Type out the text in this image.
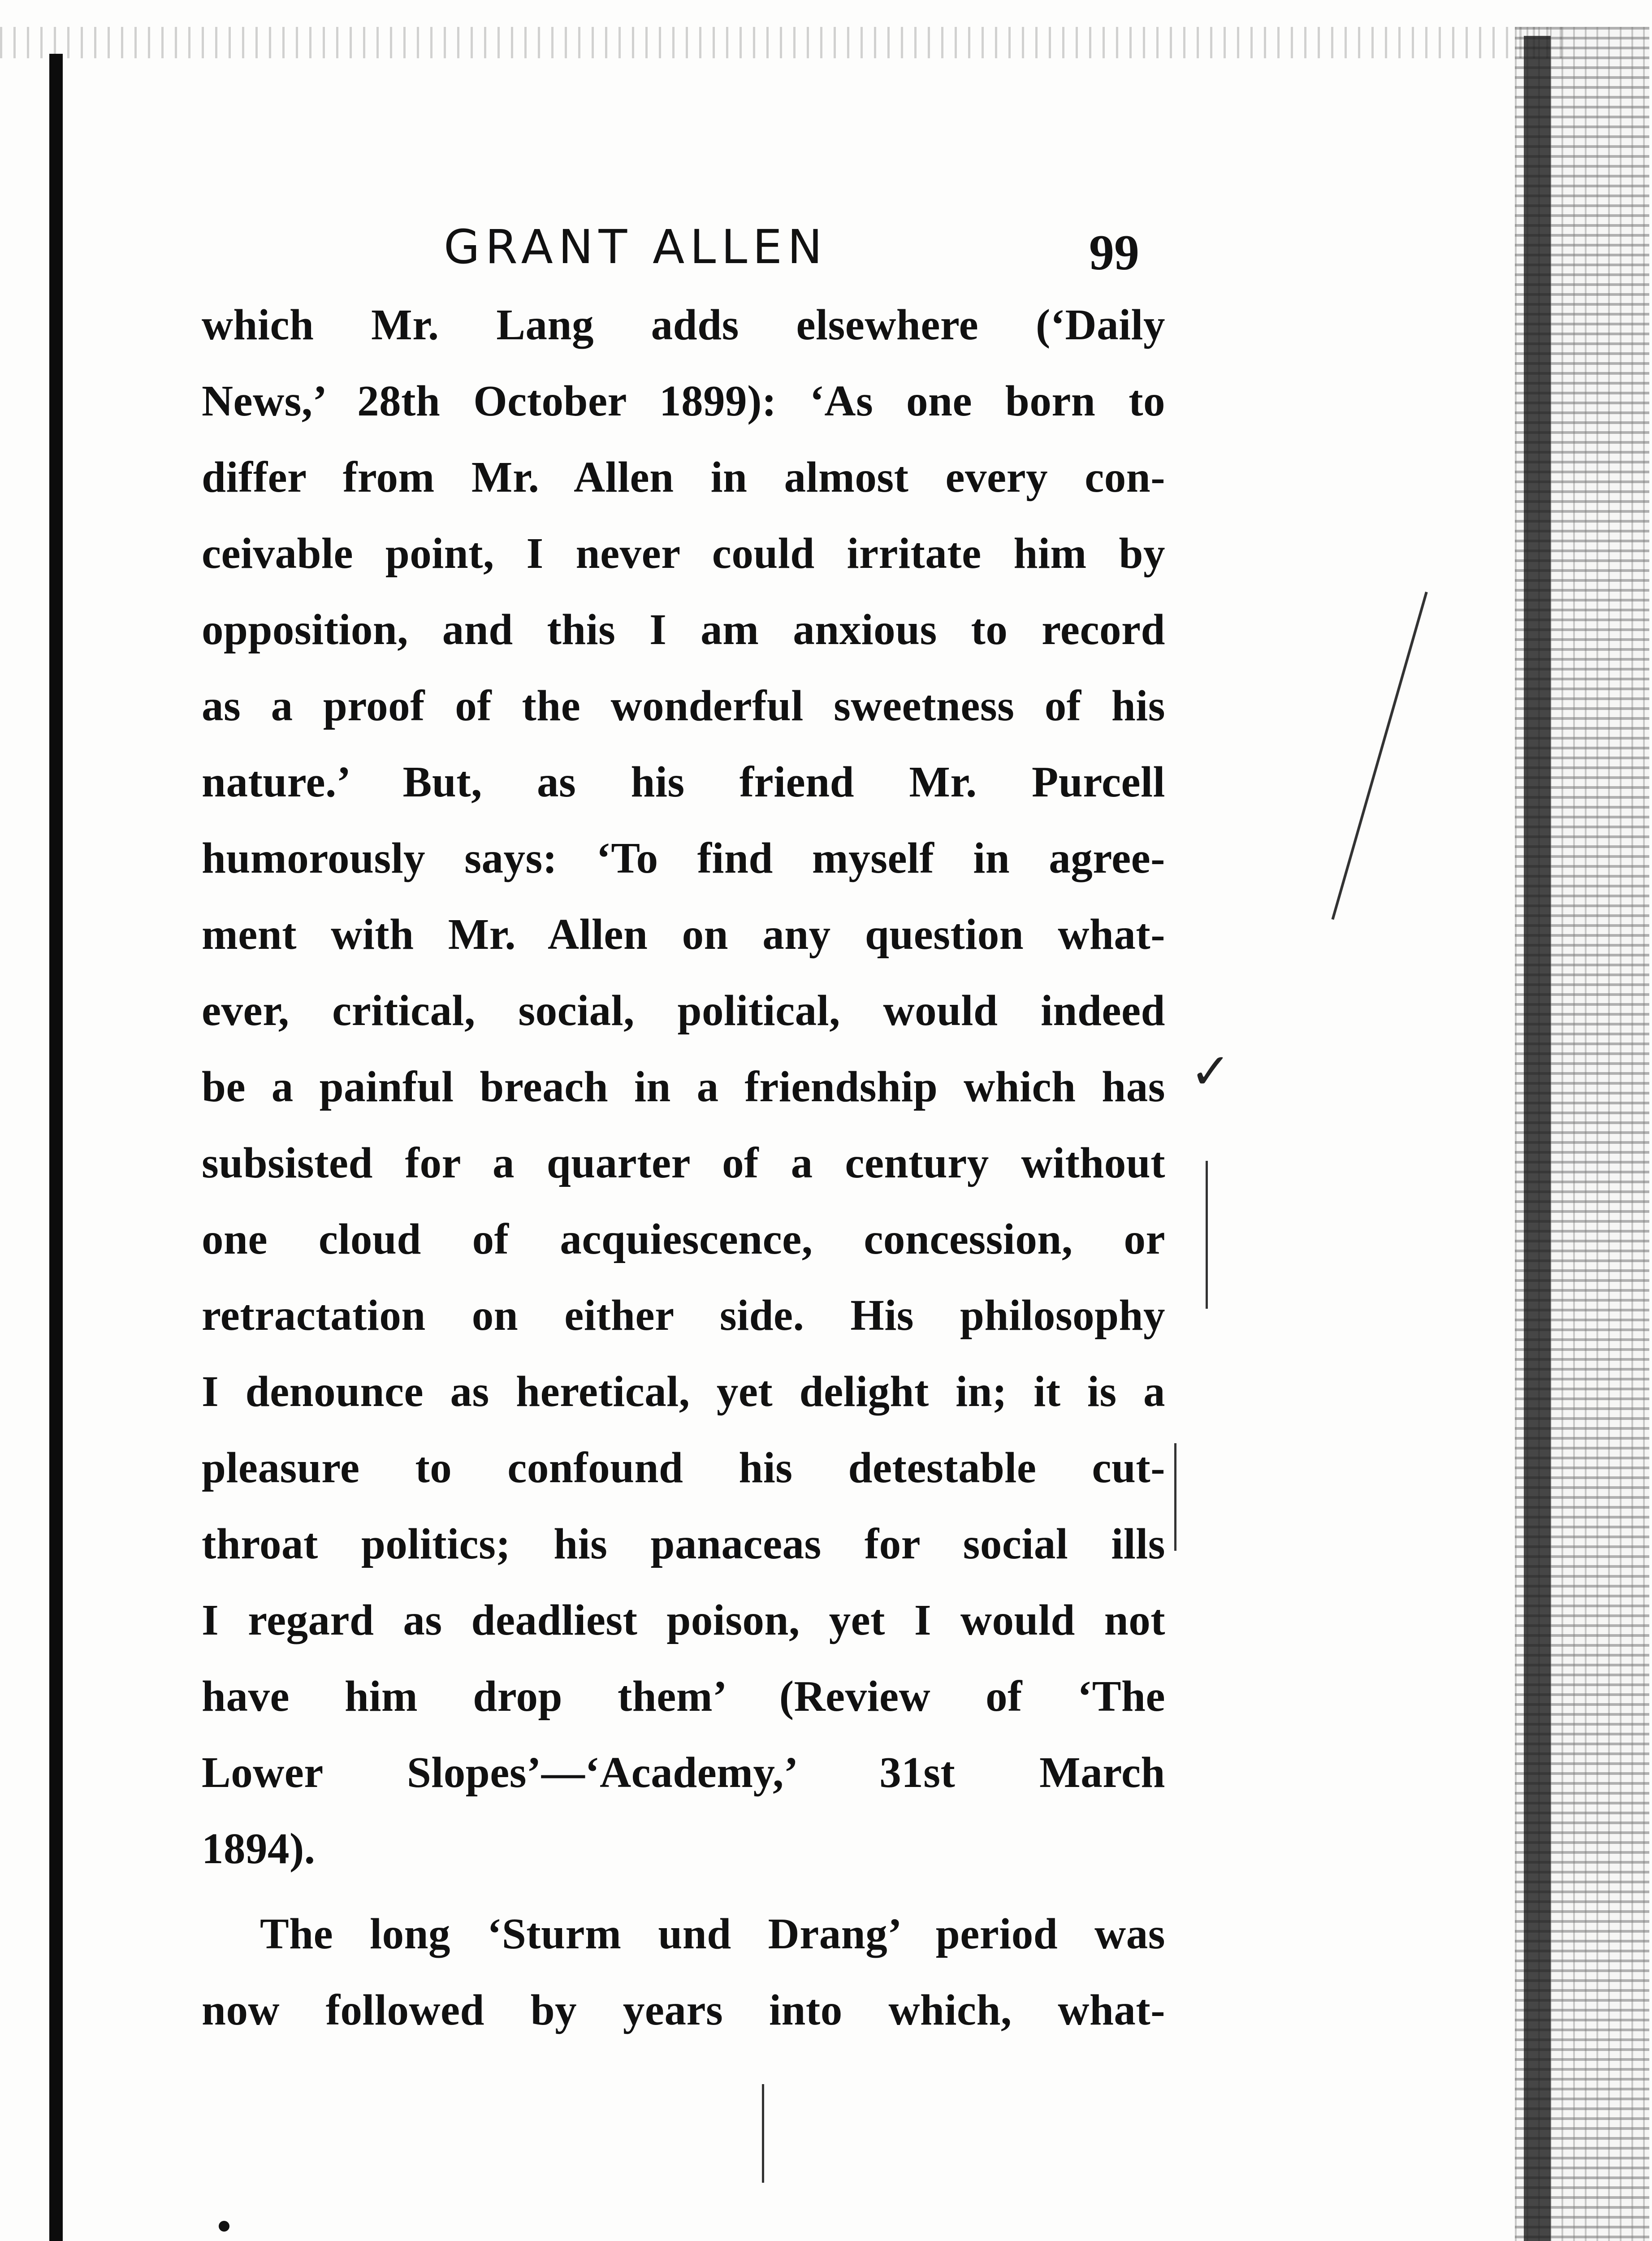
✓
GRANT ALLEN	99
which Mr. Lang adds elsewhere (‘Daily
News,’ 28th October 1899): ‘As one born to
differ from Mr. Allen in almost every con-
ceivable point, I never could irritate him by
opposition, and this I am anxious to record
as a proof of the wonderful sweetness of his
nature.’ But, as his friend Mr. Purcell
humorously says: ‘To find myself in agree-
ment with Mr. Allen on any question what-
ever, critical, social, political, would indeed
be a painful breach in a friendship which has
subsisted for a quarter of a century without
one cloud of acquiescence, concession, or
retractation on either side. His philosophy
I denounce as heretical, yet delight in; it is a
pleasure to confound his detestable cut-
throat politics; his panaceas for social ills
I regard as deadliest poison, yet I would not
have him drop them’ (Review of ‘The
Lower Slopes’—‘Academy,’ 31st March
1894).
The long ‘Sturm und Drang’ period was
now followed by years into which, what-
